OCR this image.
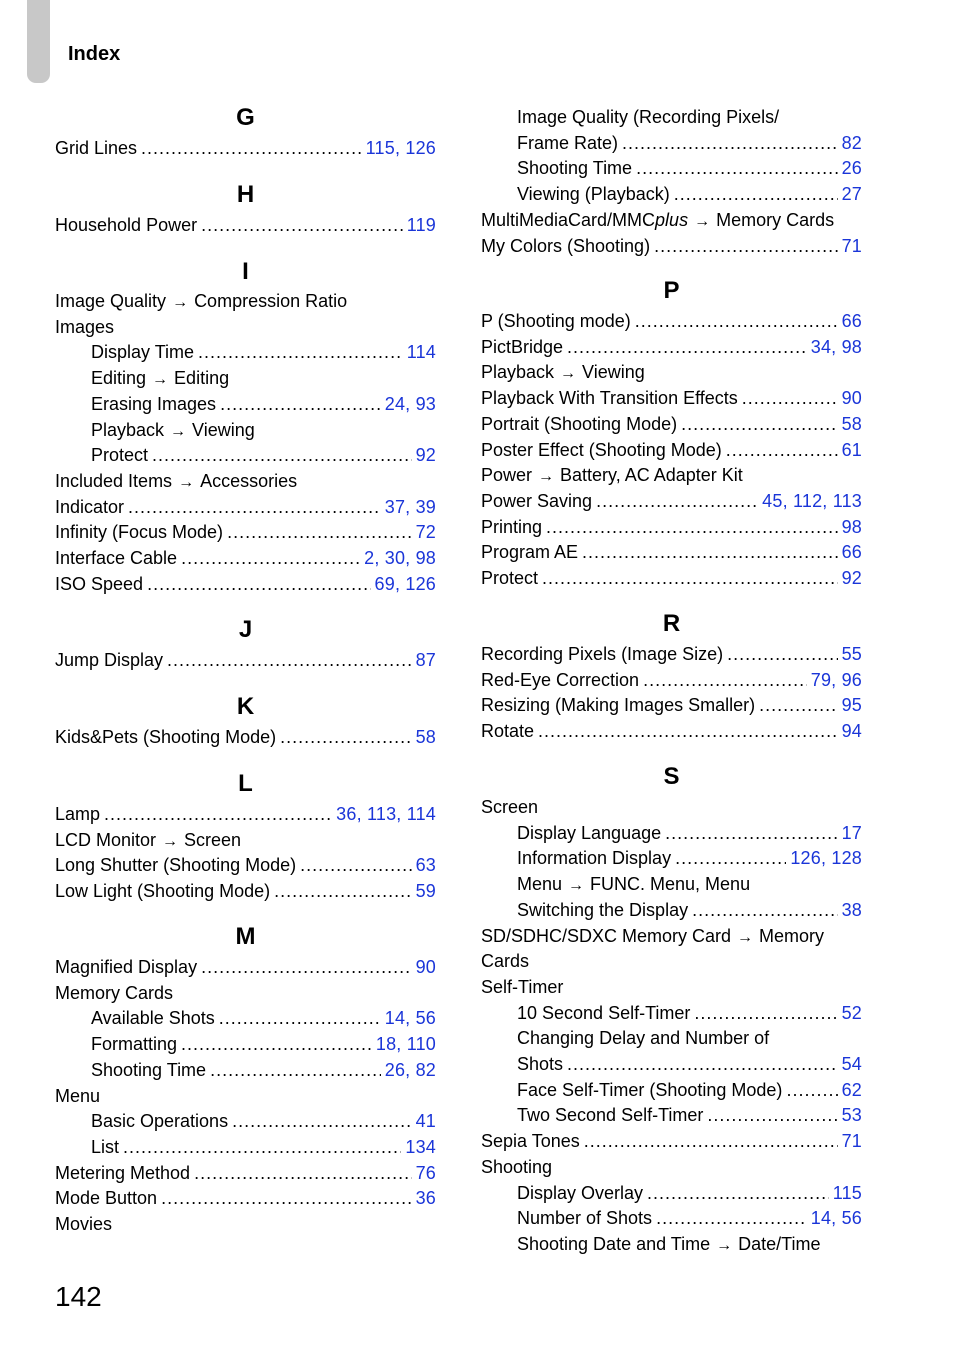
Index
G
Grid Lines .....	115, 126
H
Household Power .....	119
I
Image Quality → Compression Ratio
Images
Display Time .....	114
Editing → Editing
Erasing Images .....	24, 93
Playback → Viewing
Protect .....	92
Included Items → Accessories
Indicator .....	37, 39
Infinity (Focus Mode) .....	72
Interface Cable .....	2, 30, 98
ISO Speed .....	69, 126
J
Jump Display .....	87
K
Kids&Pets (Shooting Mode) .....	58
L
Lamp .....	36, 113, 114
LCD Monitor → Screen
Long Shutter (Shooting Mode) .....	63
Low Light (Shooting Mode) .....	59
M
Magnified Display .....	90
Memory Cards
Available Shots .....	14, 56
Formatting .....	18, 110
Shooting Time .....	26, 82
Menu
Basic Operations .....	41
List .....	134
Metering Method .....	76
Mode Button .....	36
Movies
Image Quality (Recording Pixels/
Frame Rate) .....	82
Shooting Time .....	26
Viewing (Playback) .....	27
MultiMediaCard/MMCplus → Memory Cards
My Colors (Shooting) .....	71
P
P (Shooting mode) .....	66
PictBridge .....	34, 98
Playback → Viewing
Playback With Transition Effects .....	90
Portrait (Shooting Mode) .....	58
Poster Effect (Shooting Mode) .....	61
Power → Battery, AC Adapter Kit
Power Saving .....	45, 112, 113
Printing .....	98
Program AE .....	66
Protect .....	92
R
Recording Pixels (Image Size) .....	55
Red-Eye Correction .....	79, 96
Resizing (Making Images Smaller) .....	95
Rotate .....	94
S
Screen
Display Language .....	17
Information Display .....	126, 128
Menu → FUNC. Menu, Menu
Switching the Display .....	38
SD/SDHC/SDXC Memory Card → Memory
Cards
Self-Timer
10 Second Self-Timer .....	52
Changing Delay and Number of
Shots .....	54
Face Self-Timer (Shooting Mode) .....	62
Two Second Self-Timer .....	53
Sepia Tones .....	71
Shooting
Display Overlay .....	115
Number of Shots .....	14, 56
Shooting Date and Time → Date/Time
142
